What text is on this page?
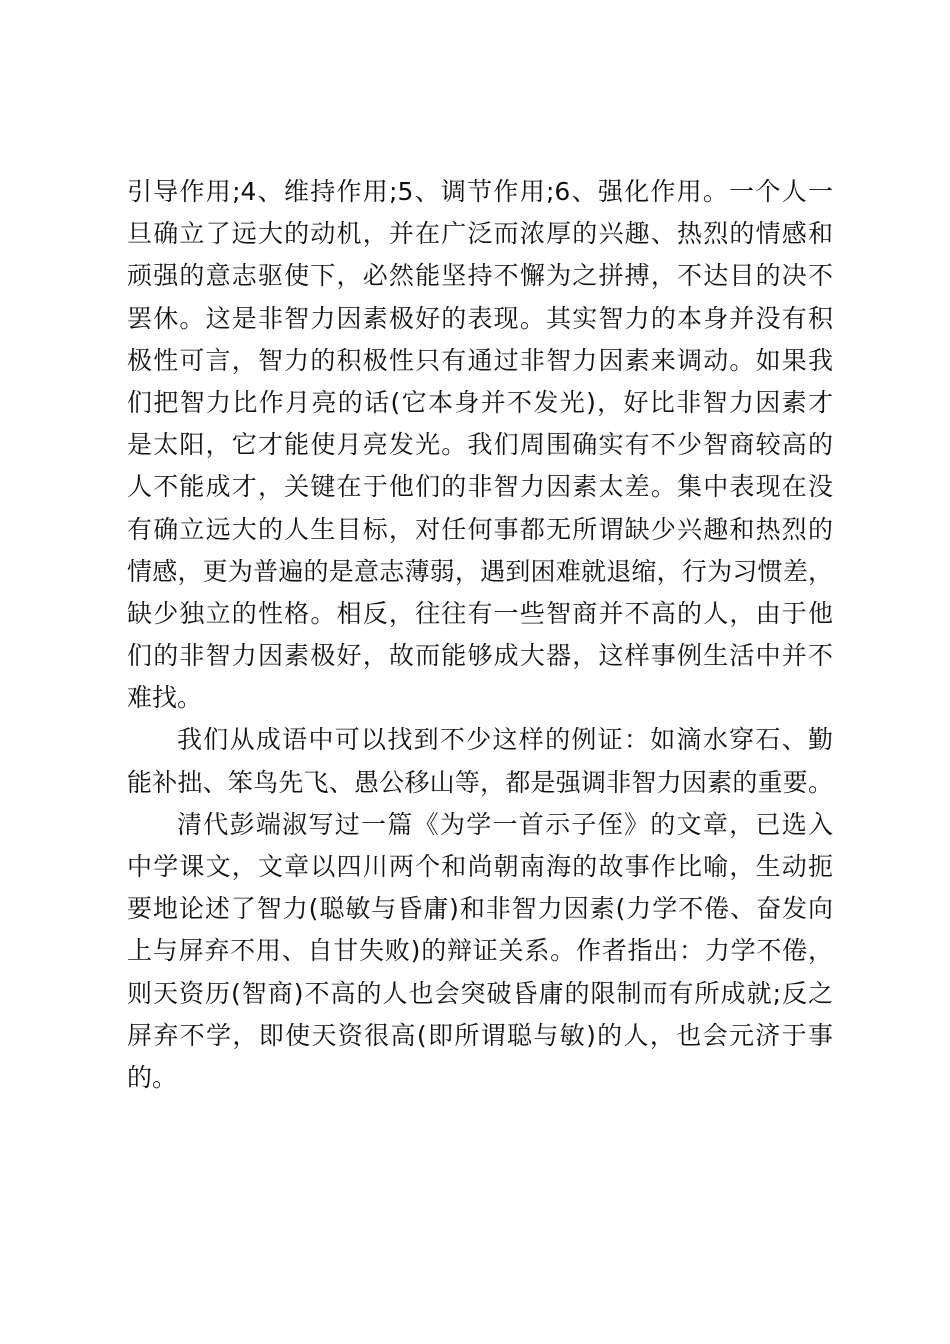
引导作用;4、维持作用;5、调节作用;6、强化作用。一个人一
旦确立了远大的动机，并在广泛而浓厚的兴趣、热烈的情感和
顽强的意志驱使下，必然能坚持不懈为之拼搏，不达目的决不
罢休。这是非智力因素极好的表现。其实智力的本身并没有积
极性可言，智力的积极性只有通过非智力因素来调动。如果我
们把智力比作月亮的话(它本身并不发光)，好比非智力因素才
是太阳，它才能使月亮发光。我们周围确实有不少智商较高的
人不能成才，关键在于他们的非智力因素太差。集中表现在没
有确立远大的人生目标，对任何事都无所谓缺少兴趣和热烈的
情感，更为普遍的是意志薄弱，遇到困难就退缩，行为习惯差，
缺少独立的性格。相反，往往有一些智商并不高的人，由于他
们的非智力因素极好，故而能够成大器，这样事例生活中并不
难找。
我们从成语中可以找到不少这样的例证：如滴水穿石、勤
能补拙、笨鸟先飞、愚公移山等，都是强调非智力因素的重要。
清代彭端淑写过一篇《为学一首示子侄》的文章，已选入
中学课文，文章以四川两个和尚朝南海的故事作比喻，生动扼
要地论述了智力(聪敏与昏庸)和非智力因素(力学不倦、奋发向
上与屏弃不用、自甘失败)的辩证关系。作者指出：力学不倦，
则天资历(智商)不高的人也会突破昏庸的限制而有所成就;反之
屏弃不学，即使天资很高(即所谓聪与敏)的人，也会元济于事
的。
